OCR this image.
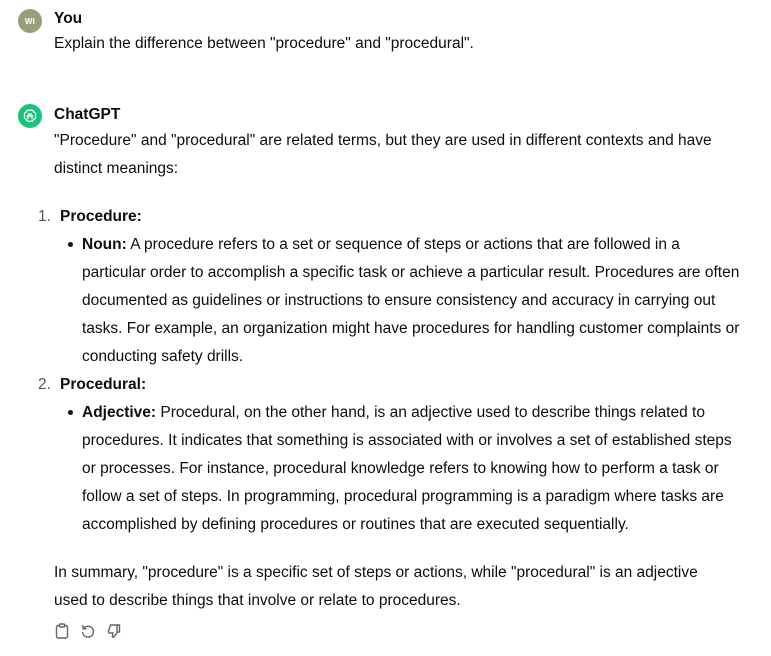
WI You
Explain the difference between "procedure" and "procedural".
ChatGPT
"Procedure" and "procedural" are related terms, but they are used in different contexts and have distinct meanings:
1. Procedure:
Noun: A procedure refers to a set or sequence of steps or actions that are followed in a particular order to accomplish a specific task or achieve a particular result. Procedures are often documented as guidelines or instructions to ensure consistency and accuracy in carrying out tasks. For example, an organization might have procedures for handling customer complaints or conducting safety drills.
2. Procedural:
Adjective: Procedural, on the other hand, is an adjective used to describe things related to procedures. It indicates that something is associated with or involves a set of established steps or processes. For instance, procedural knowledge refers to knowing how to perform a task or follow a set of steps. In programming, procedural programming is a paradigm where tasks are accomplished by defining procedures or routines that are executed sequentially.
In summary, "procedure" is a specific set of steps or actions, while "procedural" is an adjective used to describe things that involve or relate to procedures.
